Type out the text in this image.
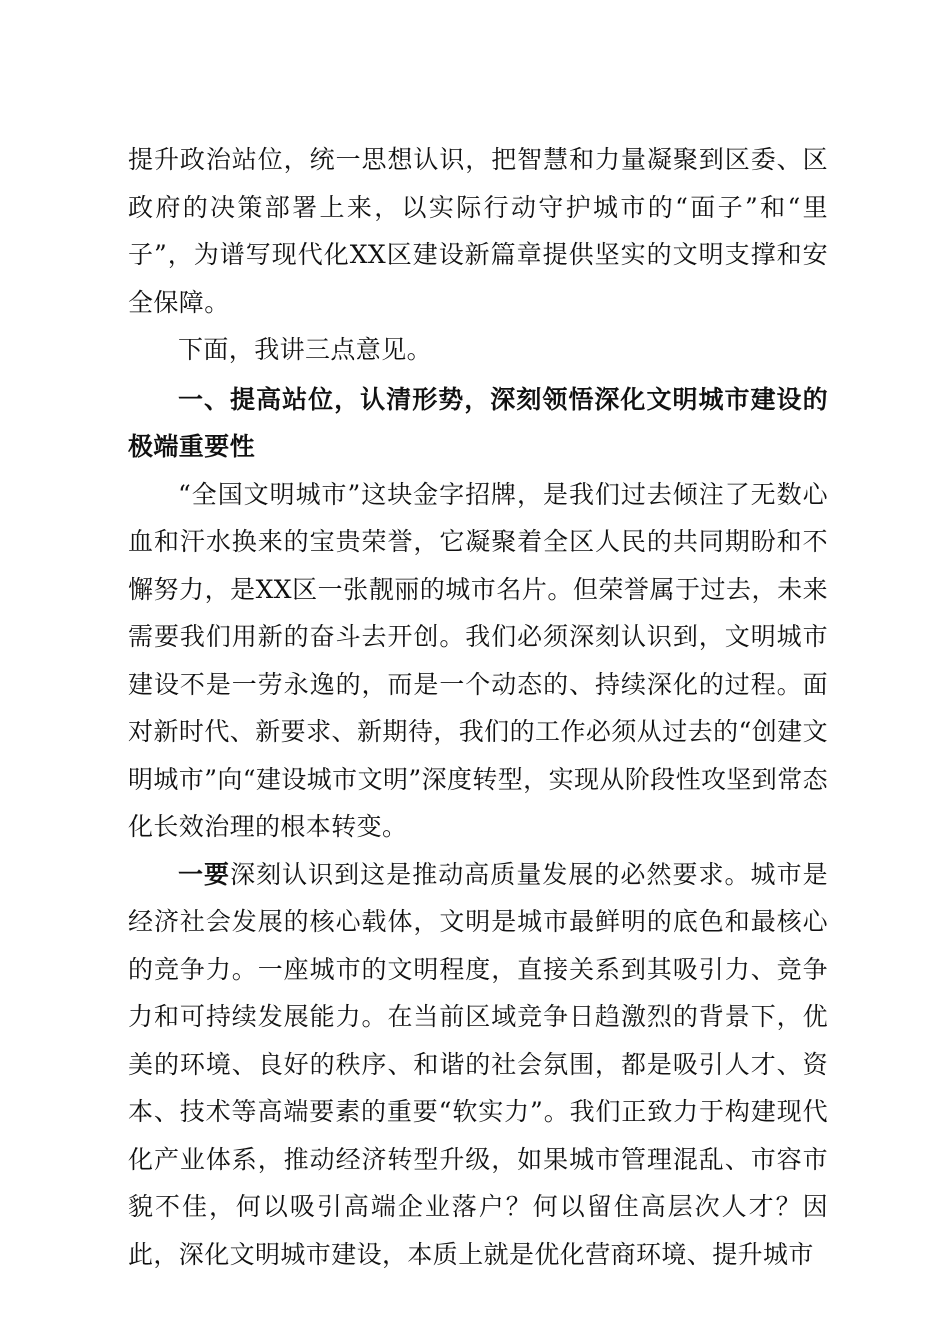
提升政治站位，统一思想认识，把智慧和力量凝聚到区委、区政府的决策部署上来，以实际行动守护城市的“面子”和“里子”，为谱写现代化XX区建设新篇章提供坚实的文明支撑和安全保障。

下面，我讲三点意见。

一、提高站位，认清形势，深刻领悟深化文明城市建设的极端重要性

“全国文明城市”这块金字招牌，是我们过去倾注了无数心血和汗水换来的宝贵荣誉，它凝聚着全区人民的共同期盼和不懈努力，是XX区一张靓丽的城市名片。但荣誉属于过去，未来需要我们用新的奋斗去开创。我们必须深刻认识到，文明城市建设不是一劳永逸的，而是一个动态的、持续深化的过程。面对新时代、新要求、新期待，我们的工作必须从过去的“创建文明城市”向“建设城市文明”深度转型，实现从阶段性攻坚到常态化长效治理的根本转变。

一要深刻认识到这是推动高质量发展的必然要求。城市是经济社会发展的核心载体，文明是城市最鲜明的底色和最核心的竞争力。一座城市的文明程度，直接关系到其吸引力、竞争力和可持续发展能力。在当前区域竞争日趋激烈的背景下，优美的环境、良好的秩序、和谐的社会氛围，都是吸引人才、资本、技术等高端要素的重要“软实力”。我们正致力于构建现代化产业体系，推动经济转型升级，如果城市管理混乱、市容市貌不佳，何以吸引高端企业落户？何以留住高层次人才？因此，深化文明城市建设，本质上就是优化营商环境、提升城市
